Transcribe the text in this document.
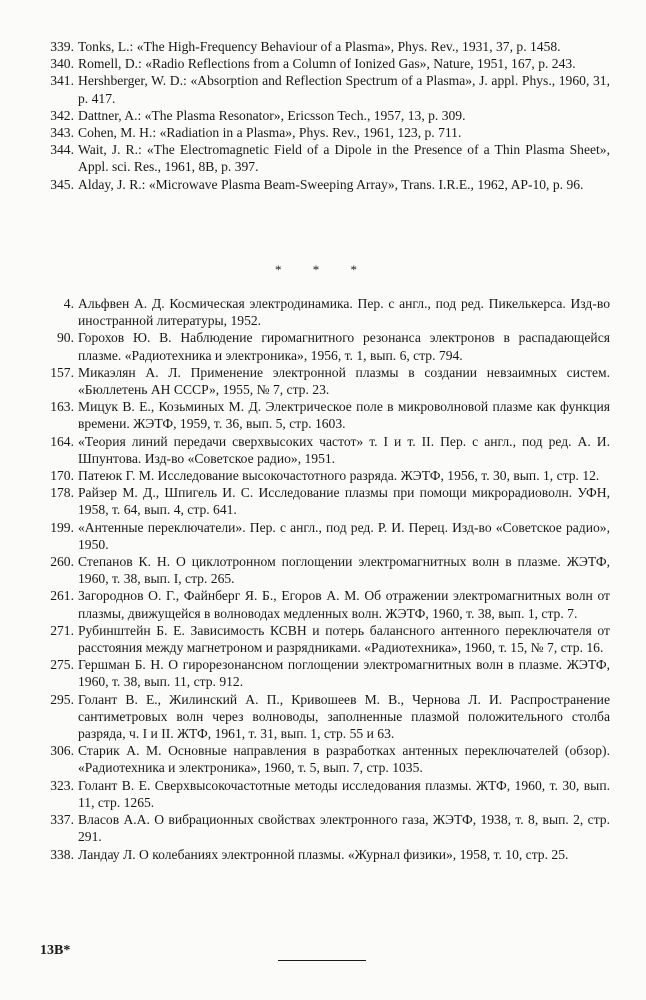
339. Tonks, L.: «The High-Frequency Behaviour of a Plasma», Phys. Rev., 1931, 37, p. 1458.
340. Romell, D.: «Radio Reflections from a Column of Ionized Gas», Nature, 1951, 167, p. 243.
341. Hershberger, W. D.: «Absorption and Reflection Spectrum of a Plasma», J. appl. Phys., 1960, 31, p. 417.
342. Dattner, A.: «The Plasma Resonator», Ericsson Tech., 1957, 13, p. 309.
343. Cohen, M. H.: «Radiation in a Plasma», Phys. Rev., 1961, 123, p. 711.
344. Wait, J. R.: «The Electromagnetic Field of a Dipole in the Presence of a Thin Plasma Sheet», Appl. sci. Res., 1961, 8B, p. 397.
345. Alday, J. R.: «Microwave Plasma Beam-Sweeping Array», Trans. I.R.E., 1962, AP-10, p. 96.
* * *
4. Альфвен А. Д. Космическая электродинамика. Пер. с англ., под ред. Пикелькерса. Изд-во иностранной литературы, 1952.
90. Горохов Ю. В. Наблюдение гиромагнитного резонанса электронов в распадающейся плазме. «Радиотехника и электроника», 1956, т. 1, вып. 6, стр. 794.
157. Микаэлян А. Л. Применение электронной плазмы в создании невзаимных систем. «Бюллетень АН СССР», 1955, № 7, стр. 23.
163. Мицук В. Е., Козьминых М. Д. Электрическое поле в микроволновой плазме как функция времени. ЖЭТФ, 1959, т. 36, вып. 5, стр. 1603.
164. «Теория линий передачи сверхвысоких частот» т. I и т. II. Пер. с англ., под ред. А. И. Шпунтова. Изд-во «Советское радио», 1951.
170. Патеюк Г. М. Исследование высокочастотного разряда. ЖЭТФ, 1956, т. 30, вып. 1, стр. 12.
178. Райзер М. Д., Шпигель И. С. Исследование плазмы при помощи микрорадиоволн. УФН, 1958, т. 64, вып. 4, стр. 641.
199. «Антенные переключатели». Пер. с англ., под ред. Р. И. Перец. Изд-во «Советское радио», 1950.
260. Степанов К. Н. О циклотронном поглощении электромагнитных волн в плазме. ЖЭТФ, 1960, т. 38, вып. I, стр. 265.
261. Загороднов О. Г., Файнберг Я. Б., Егоров А. М. Об отражении электромагнитных волн от плазмы, движущейся в волноводах медленных волн. ЖЭТФ, 1960, т. 38, вып. 1, стр. 7.
271. Рубинштейн Б. Е. Зависимость КСВН и потерь балансного антенного переключателя от расстояния между магнетроном и разрядниками. «Радиотехника», 1960, т. 15, № 7, стр. 16.
275. Гершман Б. Н. О гирорезонансном поглощении электромагнитных волн в плазме. ЖЭТФ, 1960, т. 38, вып. 11, стр. 912.
295. Голант В. Е., Жилинский А. П., Кривошеев М. В., Чернова Л. И. Распространение сантиметровых волн через волноводы, заполненные плазмой положительного столба разряда, ч. I и II. ЖТФ, 1961, т. 31, вып. 1, стр. 55 и 63.
306. Старик А. М. Основные направления в разработках антенных переключателей (обзор). «Радиотехника и электроника», 1960, т. 5, вып. 7, стр. 1035.
323. Голант В. Е. Сверхвысокочастотные методы исследования плазмы. ЖТФ, 1960, т. 30, вып. 11, стр. 1265.
337. Власов А.А. О вибрационных свойствах электронного газа, ЖЭТФ, 1938, т. 8, вып. 2, стр. 291.
338. Ландау Л. О колебаниях электронной плазмы. «Журнал физики», 1958, т. 10, стр. 25.
13В*
